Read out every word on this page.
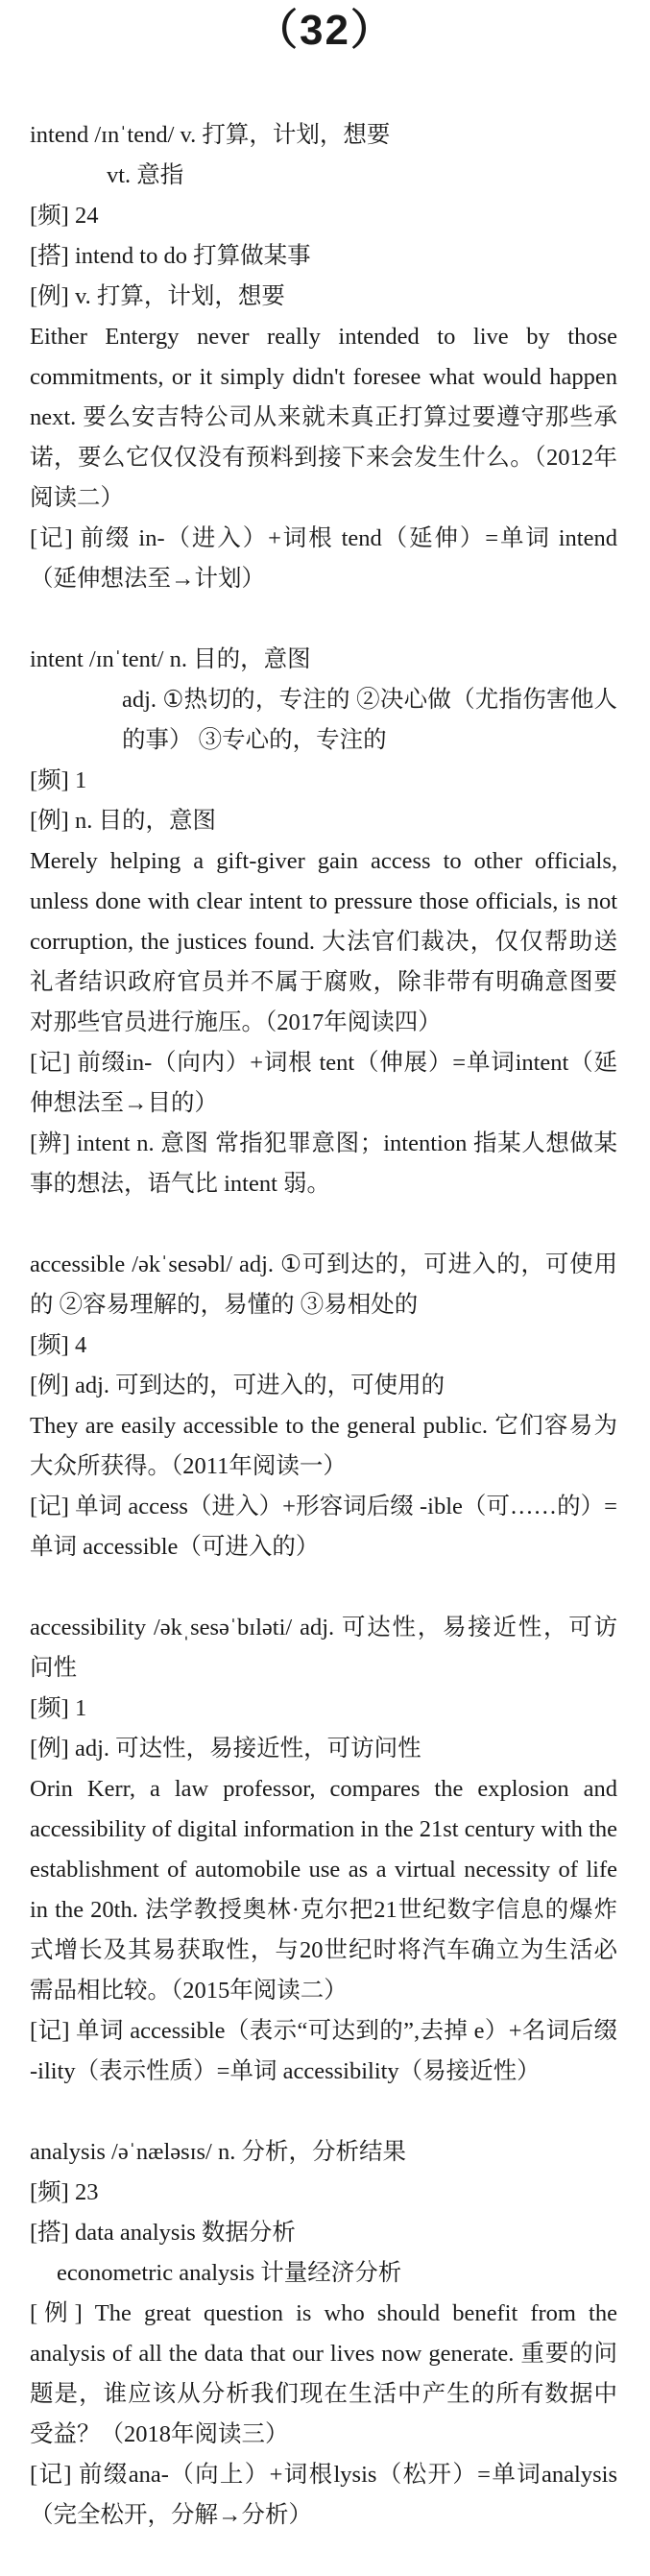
（32）
intend /ɪnˈtend/ v. 打算，计划，想要
vt. 意指
[频] 24
[搭] intend to do 打算做某事
[例] v. 打算，计划，想要
Either Entergy never really intended to live by those commitments, or it simply didn't foresee what would happen next. 要么安吉特公司从来就未真正打算过要遵守那些承诺，要么它仅仅没有预料到接下来会发生什么。（2012年阅读二）
[记] 前缀 in-（进入）+词根 tend（延伸）=单词 intend（延伸想法至→计划）
intent /ɪnˈtent/ n. 目的，意图
adj. ①热切的，专注的 ②决心做（尤指伤害他人的事） ③专心的，专注的
[频] 1
[例] n. 目的，意图
Merely helping a gift-giver gain access to other officials, unless done with clear intent to pressure those officials, is not corruption, the justices found. 大法官们裁决，仅仅帮助送礼者结识政府官员并不属于腐败，除非带有明确意图要对那些官员进行施压。（2017年阅读四）
[记] 前缀in-（向内）+词根 tent（伸展）=单词intent（延伸想法至→目的）
[辨] intent n. 意图 常指犯罪意图；intention 指某人想做某事的想法，语气比 intent 弱。
accessible /əkˈsesəbl/ adj. ①可到达的，可进入的，可使用的 ②容易理解的，易懂的 ③易相处的
[频] 4
[例] adj. 可到达的，可进入的，可使用的
They are easily accessible to the general public. 它们容易为大众所获得。（2011年阅读一）
[记] 单词 access（进入）+形容词后缀 -ible（可……的）=单词 accessible（可进入的）
accessibility /əkˌsesəˈbɪləti/ adj. 可达性，易接近性，可访问性
[频] 1
[例] adj. 可达性，易接近性，可访问性
Orin Kerr, a law professor, compares the explosion and accessibility of digital information in the 21st century with the establishment of automobile use as a virtual necessity of life in the 20th. 法学教授奥林·克尔把21世纪数字信息的爆炸式增长及其易获取性，与20世纪时将汽车确立为生活必需品相比较。（2015年阅读二）
[记] 单词 accessible（表示“可达到的”,去掉 e）+名词后缀 -ility（表示性质）=单词 accessibility（易接近性）
analysis /əˈnæləsɪs/ n. 分析，分析结果
[频] 23
[搭] data analysis 数据分析
econometric analysis 计量经济分析
[例] The great question is who should benefit from the analysis of all the data that our lives now generate. 重要的问题是，谁应该从分析我们现在生活中产生的所有数据中受益？（2018年阅读三）
[记] 前缀ana-（向上）+词根lysis（松开）=单词analysis（完全松开，分解→分析）
